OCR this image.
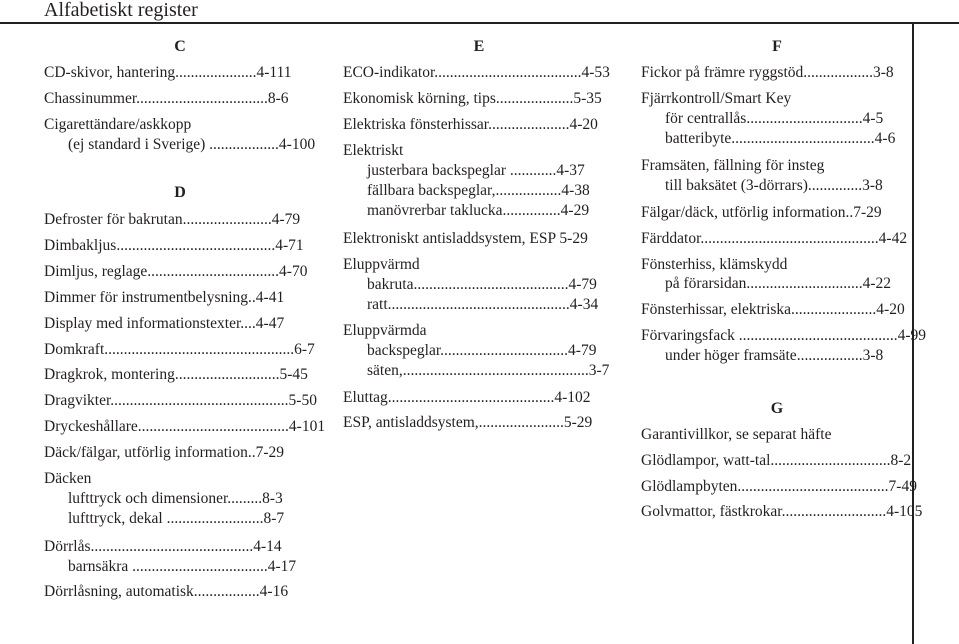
Alfabetiskt register
C
CD-skivor, hantering.....................4-111
Chassinummer..................................8-6
Cigarettändare/askkopp
(ej standard i Sverige) ..................4-100
D
Defroster för bakrutan.......................4-79
Dimbakljus.........................................4-71
Dimljus, reglage..................................4-70
Dimmer för instrumentbelysning..4-41
Display med informationstexter....4-47
Domkraft.................................................6-7
Dragkrok, montering...........................5-45
Dragvikter..............................................5-50
Dryckeshållare.......................................4-101
Däck/fälgar, utförlig information..7-29
Däcken
lufttryck och dimensioner.........8-3
lufttryck, dekal .........................8-7
Dörrlås..........................................4-14
barnsäkra ...................................4-17
Dörrlåsning, automatisk.................4-16
E
ECO-indikator......................................4-53
Ekonomisk körning, tips....................5-35
Elektriska fönsterhissar.....................4-20
Elektriskt
justerbara backspeglar ............4-37
fällbara backspeglar,.................4-38
manövrerbar taklucka...............4-29
Elektroniskt antisladdsystem, ESP 5-29
Eluppvärmd
bakruta........................................4-79
ratt...............................................4-34
Eluppvärmda
backspeglar.................................4-79
säten,................................................3-7
Eluttag...........................................4-102
ESP, antisladdsystem,......................5-29
F
Fickor på främre ryggstöd..................3-8
Fjärrkontroll/Smart Key
för centrallås..............................4-5
batteribyte.....................................4-6
Framsäten, fällning för insteg
till baksätet (3-dörrars)..............3-8
Fälgar/däck, utförlig information..7-29
Färddator..............................................4-42
Fönsterhiss, klämskydd
på förarsidan..............................4-22
Fönsterhissar, elektriska......................4-20
Förvaringsfack .........................................4-99
under höger framsäte.................3-8
G
Garantivillkor, se separat häfte
Glödlampor, watt-tal...............................8-2
Glödlampbyten.......................................7-49
Golvmattor, fästkrokar...........................4-105
